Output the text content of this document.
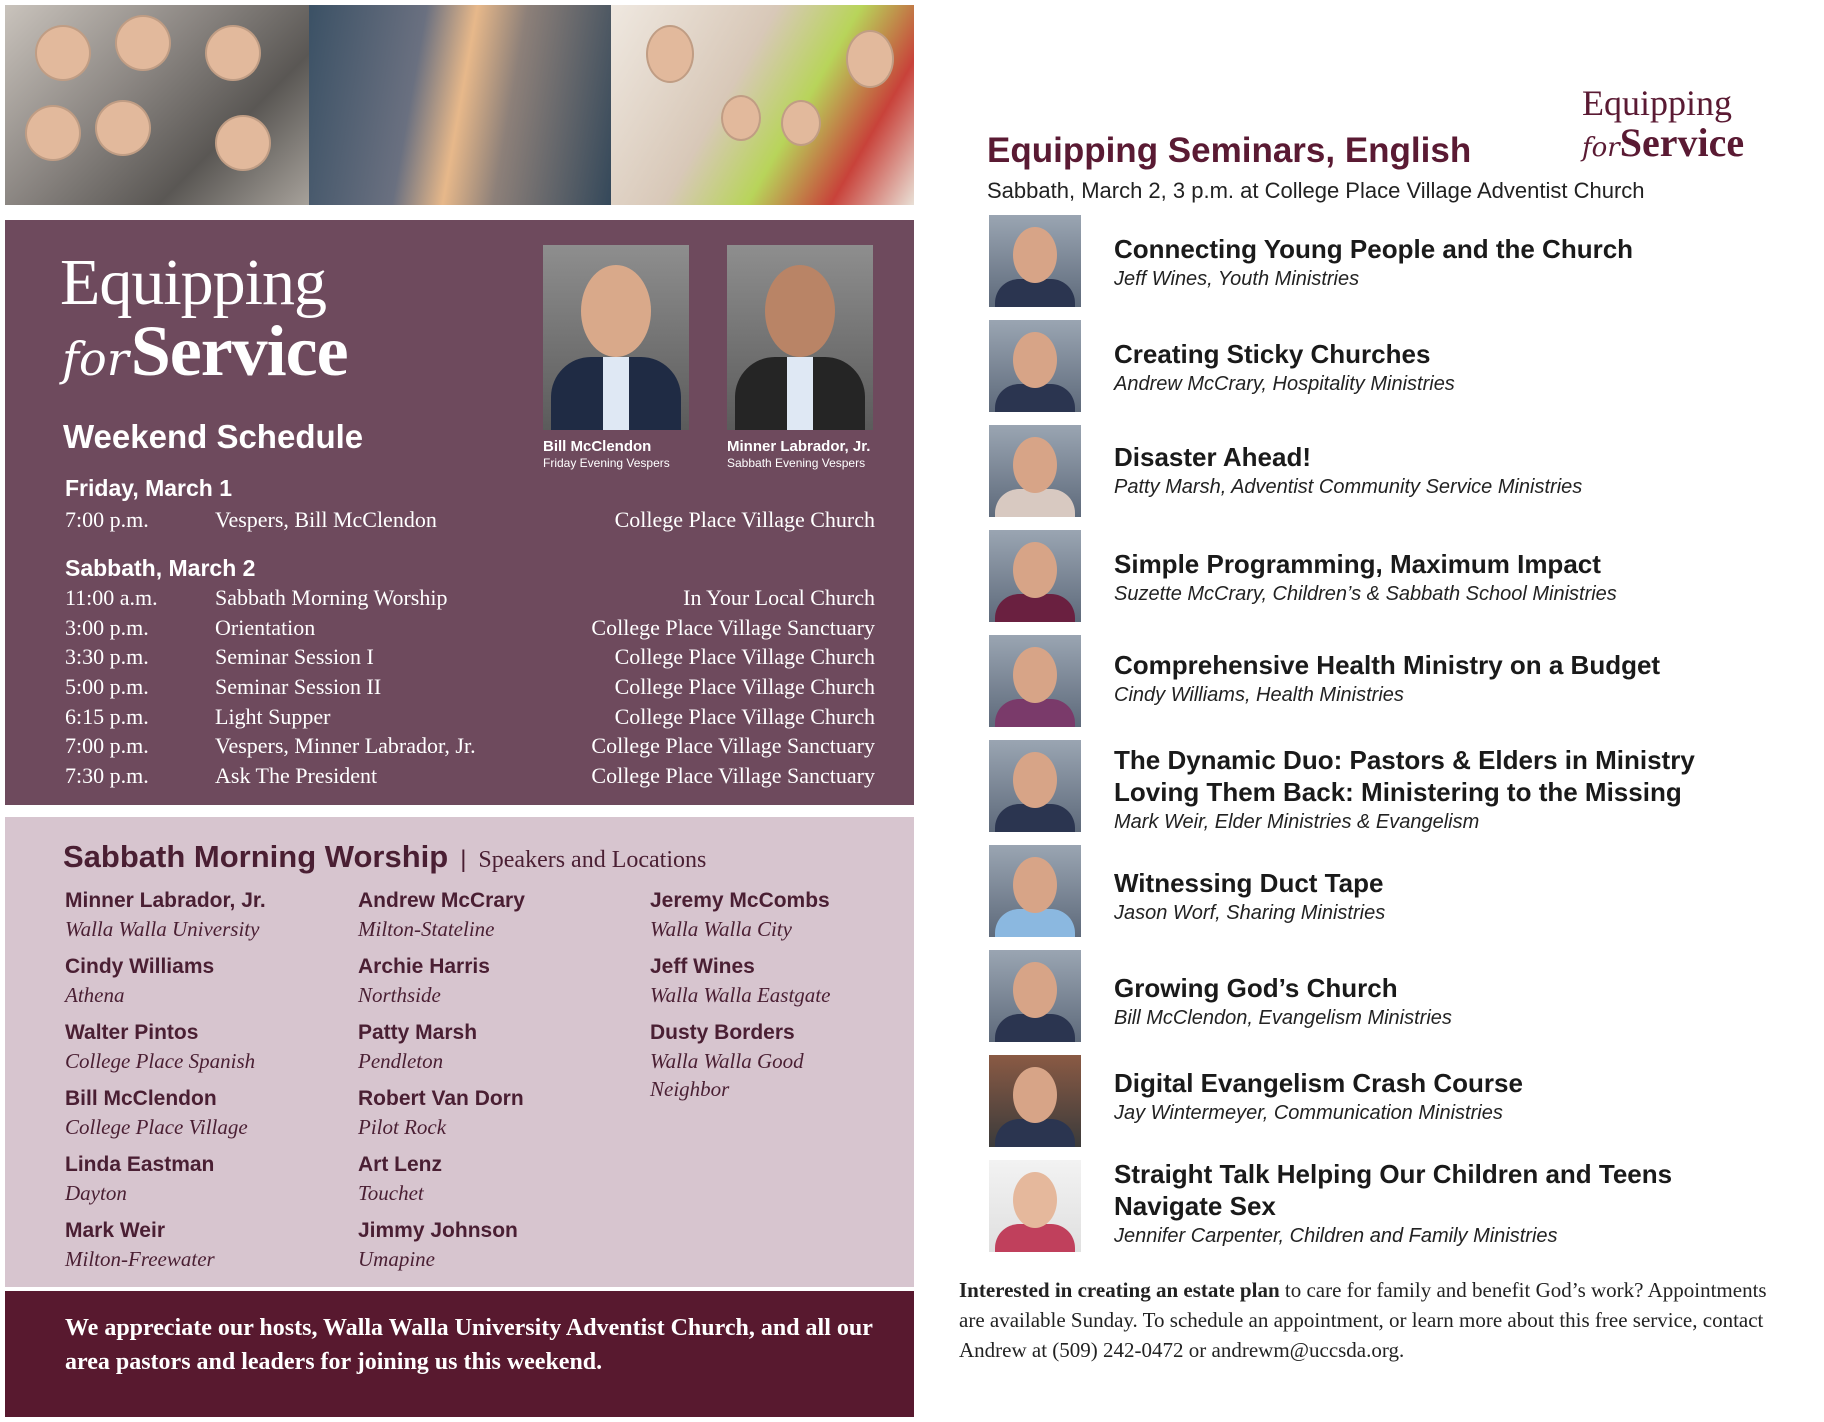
Equipping
for Service
Bill McClendon
Friday Evening Vespers
Minner Labrador, Jr.
Sabbath Evening Vespers
Weekend Schedule
Friday, March 1
7:00 p.m.	Vespers, Bill McClendon	College Place Village Church
Sabbath, March 2
11:00 a.m.	Sabbath Morning Worship	In Your Local Church
3:00 p.m.	Orientation	College Place Village Sanctuary
3:30 p.m.	Seminar Session I	College Place Village Church
5:00 p.m.	Seminar Session II	College Place Village Church
6:15 p.m.	Light Supper	College Place Village Church
7:00 p.m.	Vespers, Minner Labrador, Jr.	College Place Village Sanctuary
7:30 p.m.	Ask The President	College Place Village Sanctuary
Sabbath Morning Worship | Speakers and Locations
Minner Labrador, Jr.
Walla Walla University
Cindy Williams
Athena
Walter Pintos
College Place Spanish
Bill McClendon
College Place Village
Linda Eastman
Dayton
Mark Weir
Milton-Freewater
Andrew McCrary
Milton-Stateline
Archie Harris
Northside
Patty Marsh
Pendleton
Robert Van Dorn
Pilot Rock
Art Lenz
Touchet
Jimmy Johnson
Umapine
Jeremy McCombs
Walla Walla City
Jeff Wines
Walla Walla Eastgate
Dusty Borders
Walla Walla Good Neighbor

We appreciate our hosts, Walla Walla University Adventist Church, and all our area pastors and leaders for joining us this weekend.

Equipping
for Service
Equipping Seminars, English
Sabbath, March 2, 3 p.m. at College Place Village Adventist Church
Connecting Young People and the Church
Jeff Wines, Youth Ministries
Creating Sticky Churches
Andrew McCrary, Hospitality Ministries
Disaster Ahead!
Patty Marsh, Adventist Community Service Ministries
Simple Programming, Maximum Impact
Suzette McCrary, Children’s & Sabbath School Ministries
Comprehensive Health Ministry on a Budget
Cindy Williams, Health Ministries
The Dynamic Duo: Pastors & Elders in Ministry
Loving Them Back: Ministering to the Missing
Mark Weir, Elder Ministries & Evangelism
Witnessing Duct Tape
Jason Worf, Sharing Ministries
Growing God’s Church
Bill McClendon, Evangelism Ministries
Digital Evangelism Crash Course
Jay Wintermeyer, Communication Ministries
Straight Talk Helping Our Children and Teens
Navigate Sex
Jennifer Carpenter, Children and Family Ministries
Interested in creating an estate plan to care for family and benefit God’s work? Appointments are available Sunday. To schedule an appointment, or learn more about this free service, contact Andrew at (509) 242-0472 or andrewm@uccsda.org.
